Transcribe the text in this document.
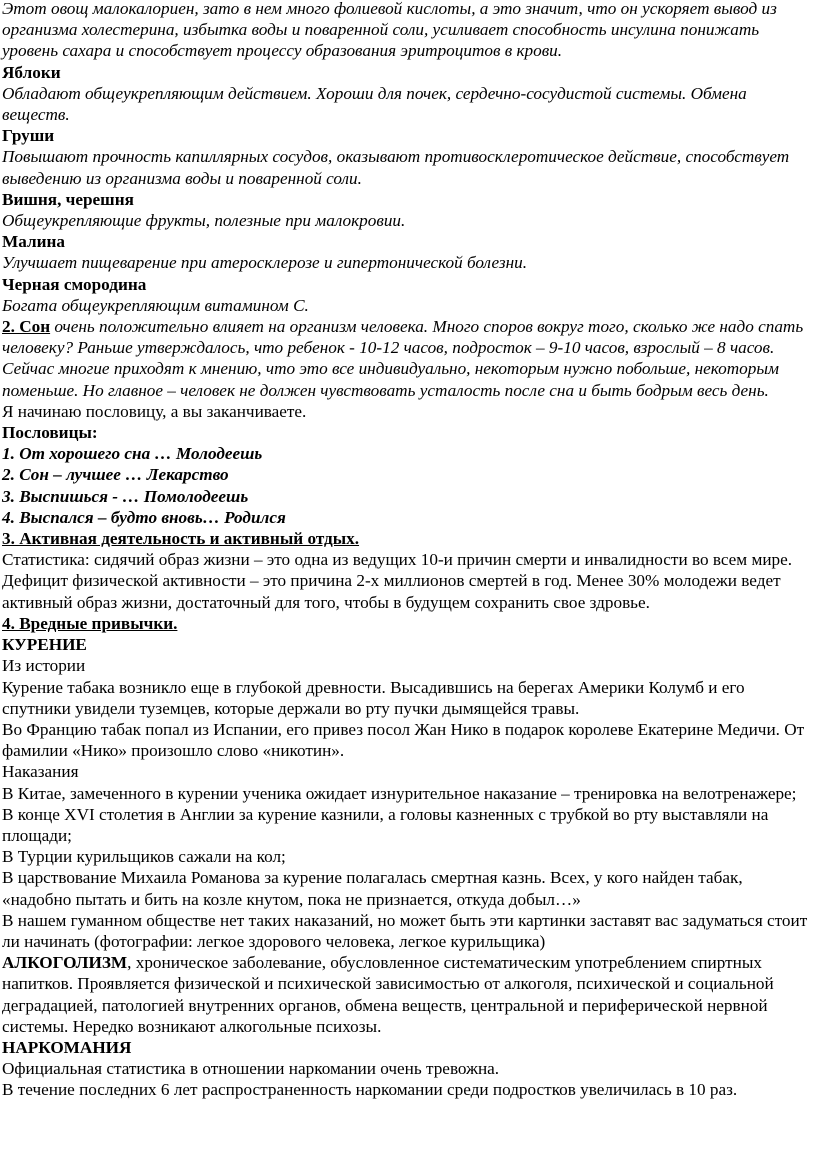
Этот овощ малокалориен, зато в нем много фолиевой кислоты, а это значит, что он ускоряет вывод из организма холестерина, избытка воды и поваренной соли, усиливает способность инсулина понижать уровень сахара и способствует процессу образования эритроцитов в крови.

Яблоки

Обладают общеукрепляющим действием. Хороши для почек, сердечно-сосудистой системы. Обмена веществ.

Груши

Повышают прочность капиллярных сосудов, оказывают противосклеротическое действие, способствует выведению из организма воды и поваренной соли.

Вишня, черешня

Общеукрепляющие фрукты, полезные при малокровии.

Малина

Улучшает пищеварение при атеросклерозе и гипертонической болезни.

Черная смородина

Богата общеукрепляющим витамином С.

2. Сон очень положительно влияет на организм человека. Много споров вокруг того, сколько же надо спать человеку? Раньше утверждалось, что ребенок - 10-12 часов, подросток – 9-10 часов, взрослый – 8 часов. Сейчас многие приходят к мнению, что это все индивидуально, некоторым нужно побольше, некоторым поменьше. Но главное – человек не должен чувствовать усталость после сна и быть бодрым весь день.

Я начинаю пословицу, а вы заканчиваете.

Пословицы:

1. От хорошего сна … Молодеешь

2. Сон – лучшее … Лекарство

3. Выспишься - … Помолодеешь

4. Выспался – будто вновь… Родился

3. Активная деятельность и активный отдых.

Статистика: сидячий образ жизни – это одна из ведущих 10-и причин смерти и инвалидности во всем мире. Дефицит физической активности – это причина 2-х миллионов смертей в год. Менее 30% молодежи ведет активный образ жизни, достаточный для того, чтобы в будущем сохранить свое здровье.

4. Вредные привычки.

КУРЕНИЕ

Из истории

Курение табака возникло еще в глубокой древности. Высадившись на берегах Америки Колумб и его спутники увидели туземцев, которые держали во рту пучки дымящейся травы.

Во Францию табак попал из Испании, его привез посол Жан Нико в подарок королеве Екатерине Медичи. От фамилии «Нико» произошло слово «никотин».

Наказания

В Китае, замеченного в курении ученика ожидает изнурительное наказание – тренировка на велотренажере;

В конце XVI столетия в Англии за курение казнили, а головы казненных с трубкой во рту выставляли на площади;

В Турции курильщиков сажали на кол;

В царствование Михаила Романова за курение полагалась смертная казнь. Всех, у кого найден табак, «надобно пытать и бить на козле кнутом, пока не признается, откуда добыл…»

В нашем гуманном обществе нет таких наказаний, но может быть эти картинки заставят вас задуматься стоит ли начинать (фотографии: легкое здорового человека, легкое курильщика)

АЛКОГОЛИЗМ, хроническое заболевание, обусловленное систематическим употреблением спиртных напитков. Проявляется физической и психической зависимостью от алкоголя, психической и социальной деградацией, патологией внутренних органов, обмена веществ, центральной и периферической нервной системы. Нередко возникают алкогольные психозы.

НАРКОМАНИЯ

Официальная статистика в отношении наркомании очень тревожна.

В течение последних 6 лет распространенность наркомании среди подростков увеличилась в 10 раз.
